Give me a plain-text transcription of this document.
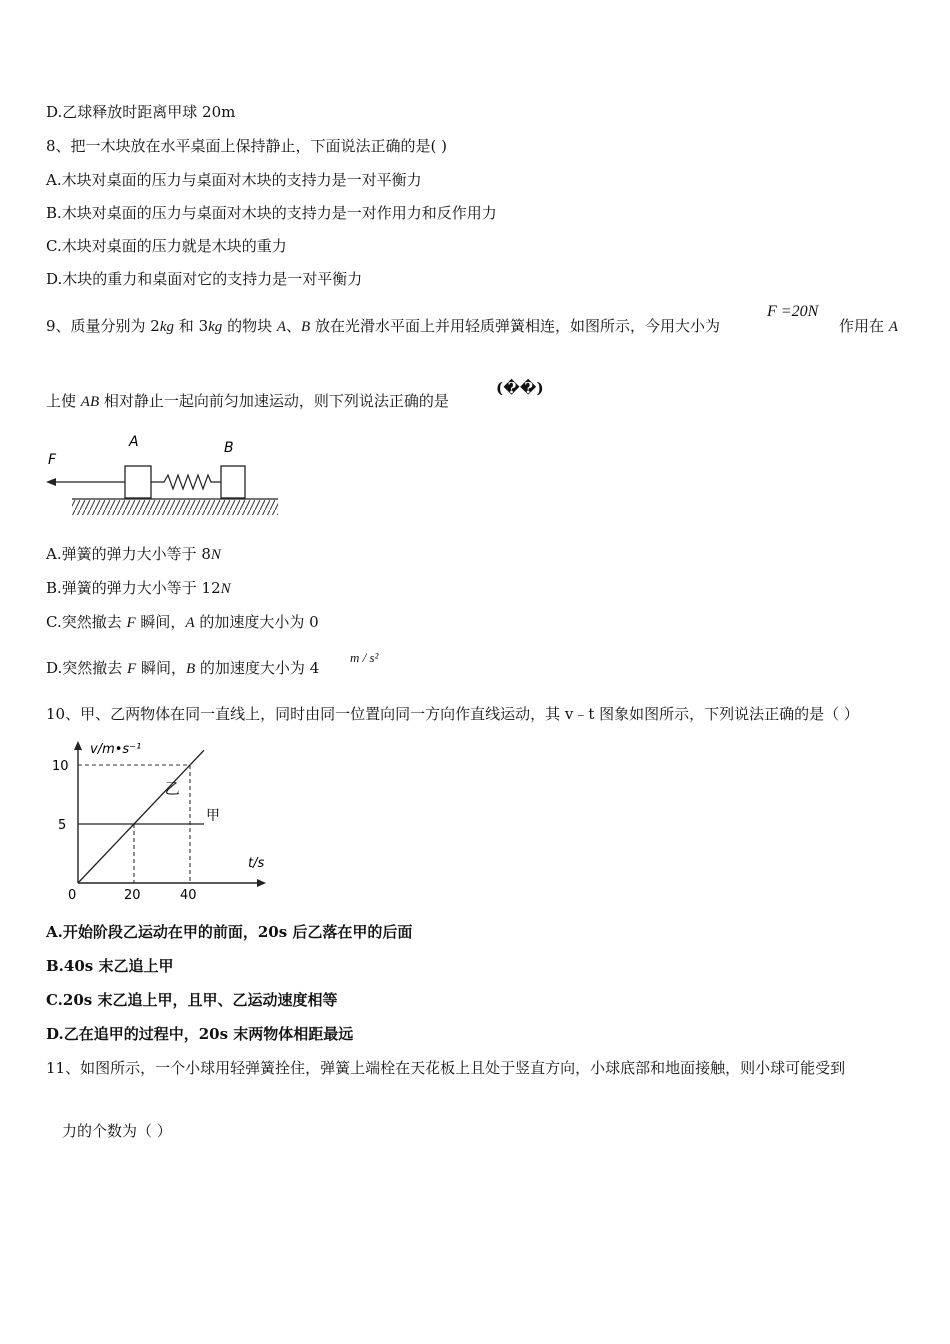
D.乙球释放时距离甲球 20m
8、把一木块放在水平桌面上保持静止，下面说法正确的是( )
A.木块对桌面的压力与桌面对木块的支持力是一对平衡力
B.木块对桌面的压力与桌面对木块的支持力是一对作用力和反作用力
C.木块对桌面的压力就是木块的重力
D.木块的重力和桌面对它的支持力是一对平衡力
9、质量分别为 2kg 和 3kg 的物块 A、B 放在光滑水平面上并用轻质弹簧相连，如图所示，今用大小为
F =20N
作用在 A
上使 AB 相对静止一起向前匀加速运动，则下列说法正确的是
(��)
F
A	B
A.弹簧的弹力大小等于 8N
B.弹簧的弹力大小等于 12N
C.突然撤去 F 瞬间，A 的加速度大小为 0
D.突然撤去 F 瞬间，B 的加速度大小为 4
m / s²
10、甲、乙两物体在同一直线上，同时由同一位置向同一方向作直线运动，其 v﹣t 图象如图所示，下列说法正确的是（ ）
v/m•s⁻¹
t/s
甲
乙
0	20	40
5
10
A.开始阶段乙运动在甲的前面，20s 后乙落在甲的后面
B.40s 末乙追上甲
C.20s 末乙追上甲，且甲、乙运动速度相等
D.乙在追甲的过程中，20s 末两物体相距最远
11、如图所示，一个小球用轻弹簧拴住，弹簧上端栓在天花板上且处于竖直方向，小球底部和地面接触，则小球可能受到
力的个数为（ ）
